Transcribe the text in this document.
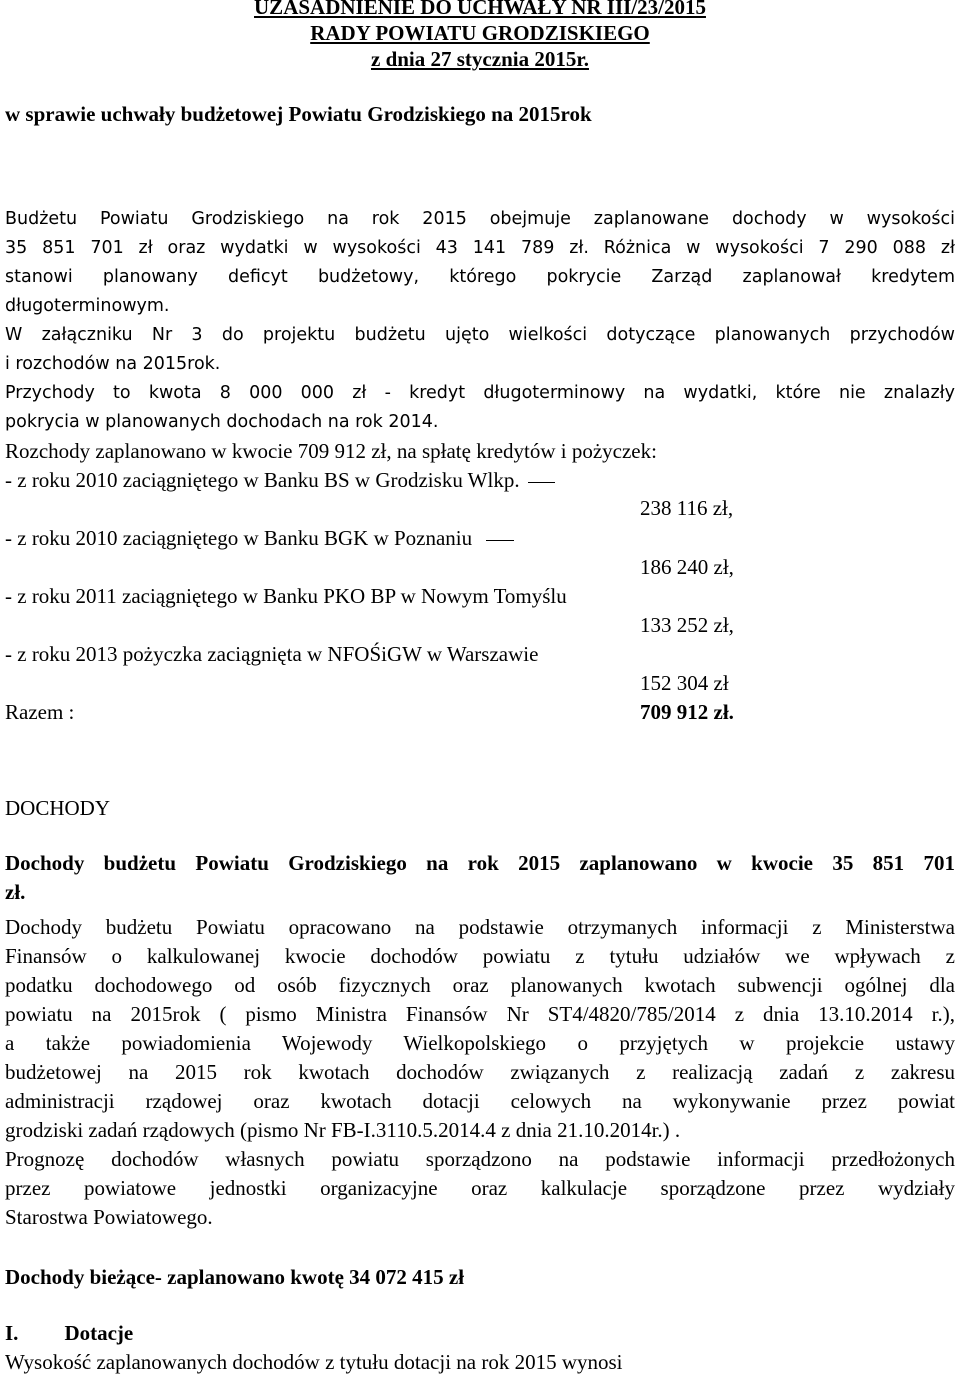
UZASADNIENIE DO UCHWAŁY NR III/23/2015
RADY POWIATU GRODZISKIEGO
z dnia 27 stycznia 2015r.
w sprawie uchwały budżetowej Powiatu Grodziskiego na 2015rok
Budżetu Powiatu Grodziskiego na rok 2015 obejmuje zaplanowane dochody w wysokości
35 851 701 zł oraz wydatki w wysokości 43 141 789 zł. Różnica w wysokości 7 290 088 zł
stanowi planowany deficyt budżetowy, którego pokrycie Zarząd zaplanował kredytem
długoterminowym.
W załączniku Nr 3 do projektu budżetu ujęto wielkości dotyczące planowanych przychodów
i rozchodów na 2015rok.
Przychody to kwota 8 000 000 zł - kredyt długoterminowy na wydatki, które nie znalazły
pokrycia w planowanych dochodach na rok 2014.
Rozchody zaplanowano w kwocie 709 912 zł, na spłatę kredytów i pożyczek:
- z roku 2010 zaciągniętego w Banku BS w Grodzisku Wlkp.
238 116 zł,
- z roku 2010 zaciągniętego w Banku BGK w Poznaniu
186 240 zł,
- z roku 2011 zaciągniętego w Banku PKO BP w Nowym Tomyślu
133 252 zł,
- z roku 2013 pożyczka zaciągnięta w NFOŚiGW w Warszawie
152 304 zł
Razem :	709 912 zł.
DOCHODY
Dochody budżetu Powiatu Grodziskiego na rok 2015 zaplanowano w kwocie 35 851 701
zł.
Dochody budżetu Powiatu opracowano na podstawie otrzymanych informacji z Ministerstwa
Finansów o kalkulowanej kwocie dochodów powiatu z tytułu udziałów we wpływach z
podatku dochodowego od osób fizycznych oraz planowanych kwotach subwencji ogólnej dla
powiatu na 2015rok ( pismo Ministra Finansów Nr ST4/4820/785/2014 z dnia 13.10.2014 r.),
a także powiadomienia Wojewody Wielkopolskiego o przyjętych w projekcie ustawy
budżetowej na 2015 rok kwotach dochodów związanych z realizacją zadań z zakresu
administracji rządowej oraz kwotach dotacji celowych na wykonywanie przez powiat
grodziski zadań rządowych (pismo Nr FB-I.3110.5.2014.4 z dnia 21.10.2014r.) .
Prognozę dochodów własnych powiatu sporządzono na podstawie informacji przedłożonych
przez powiatowe jednostki organizacyjne oraz kalkulacje sporządzone przez wydziały
Starostwa Powiatowego.
Dochody bieżące- zaplanowano kwotę 34 072 415 zł
I. Dotacje
Wysokość zaplanowanych dochodów z tytułu dotacji na rok 2015 wynosi
